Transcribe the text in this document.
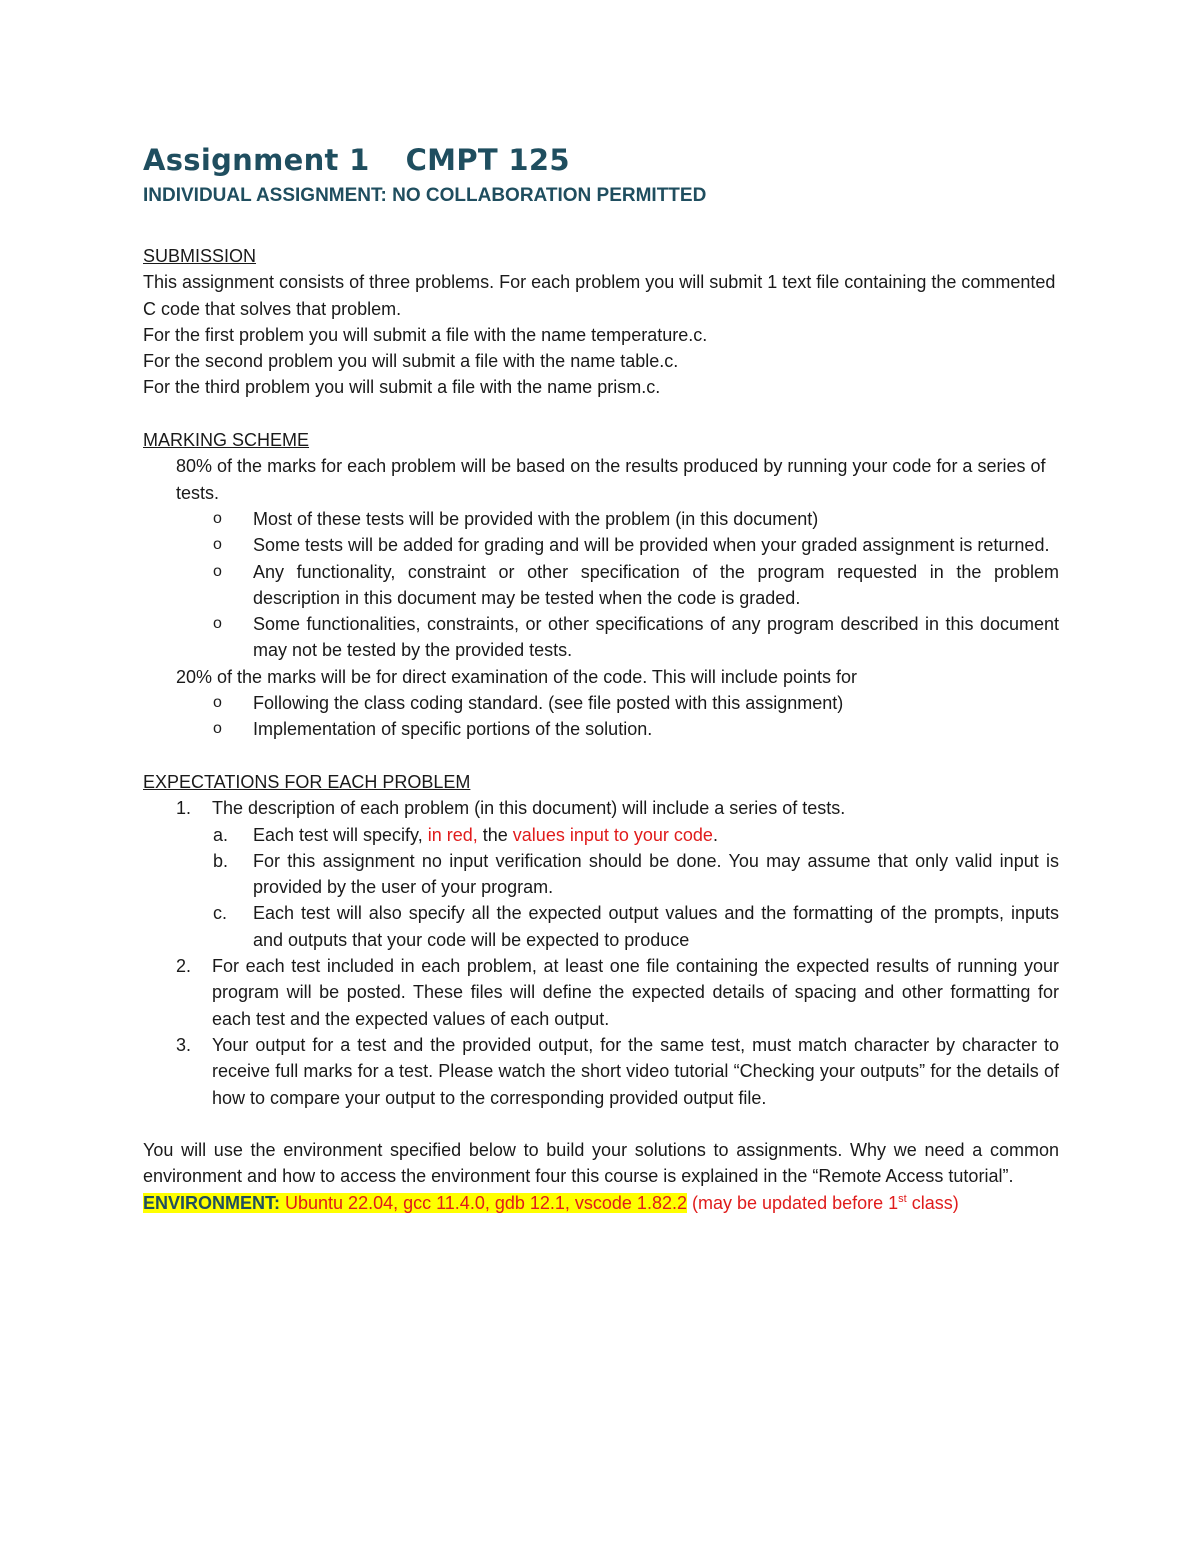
Assignment 1 CMPT 125
INDIVIDUAL ASSIGNMENT: NO COLLABORATION PERMITTED

SUBMISSION

This assignment consists of three problems. For each problem you will submit 1 text file containing the commented C code that solves that problem.

For the first problem you will submit a file with the name temperature.c.

For the second problem you will submit a file with the name table.c.

For the third problem you will submit a file with the name prism.c.

MARKING SCHEME

80% of the marks for each problem will be based on the results produced by running your code for a series of tests.

o Most of these tests will be provided with the problem (in this document)

o Some tests will be added for grading and will be provided when your graded assignment is returned.

o Any functionality, constraint or other specification of the program requested in the problem description in this document may be tested when the code is graded.

o Some functionalities, constraints, or other specifications of any program described in this document may not be tested by the provided tests.

20% of the marks will be for direct examination of the code. This will include points for

o Following the class coding standard. (see file posted with this assignment)

o Implementation of specific portions of the solution.

EXPECTATIONS FOR EACH PROBLEM

1. The description of each problem (in this document) will include a series of tests.

a. Each test will specify, in red, the values input to your code.

b. For this assignment no input verification should be done. You may assume that only valid input is provided by the user of your program.

c. Each test will also specify all the expected output values and the formatting of the prompts, inputs and outputs that your code will be expected to produce

2. For each test included in each problem, at least one file containing the expected results of running your program will be posted. These files will define the expected details of spacing and other formatting for each test and the expected values of each output.

3. Your output for a test and the provided output, for the same test, must match character by character to receive full marks for a test. Please watch the short video tutorial “Checking your outputs” for the details of how to compare your output to the corresponding provided output file.

You will use the environment specified below to build your solutions to assignments. Why we need a common environment and how to access the environment four this course is explained in the “Remote Access tutorial”.

ENVIRONMENT: Ubuntu 22.04, gcc 11.4.0, gdb 12.1, vscode 1.82.2 (may be updated before 1st class)
